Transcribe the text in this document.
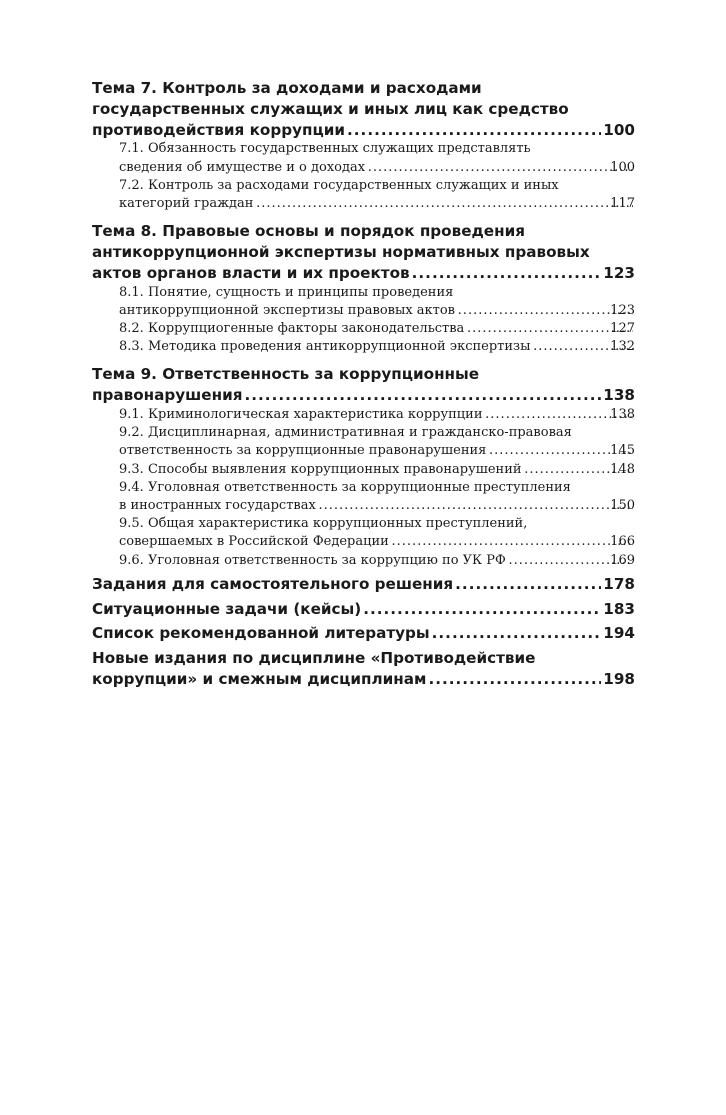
Тема 7. Контроль за доходами и расходами
государственных служащих и иных лиц как средство
противодействия коррупции .....	100
7.1. Обязанность государственных служащих представлять
сведения об имуществе и о доходах .....	100
7.2. Контроль за расходами государственных служащих и иных
категорий граждан .....	117
Тема 8. Правовые основы и порядок проведения
антикоррупционной экспертизы нормативных правовых
актов органов власти и их проектов .....	123
8.1. Понятие, сущность и принципы проведения
антикоррупционной экспертизы правовых актов .....	123
8.2. Коррупциогенные факторы законодательства .....	127
8.3. Методика проведения антикоррупционной экспертизы .....	132
Тема 9. Ответственность за коррупционные
правонарушения .....	138
9.1. Криминологическая характеристика коррупции .....	138
9.2. Дисциплинарная, административная и гражданско-правовая
ответственность за коррупционные правонарушения .....	145
9.3. Способы выявления коррупционных правонарушений .....	148
9.4. Уголовная ответственность за коррупционные преступления
в иностранных государствах .....	150
9.5. Общая характеристика коррупционных преступлений,
совершаемых в Российской Федерации .....	166
9.6. Уголовная ответственность за коррупцию по УК РФ .....	169
Задания для самостоятельного решения .....	178
Ситуационные задачи (кейсы) .....	183
Список рекомендованной литературы .....	194
Новые издания по дисциплине «Противодействие
коррупции» и смежным дисциплинам .....	198
